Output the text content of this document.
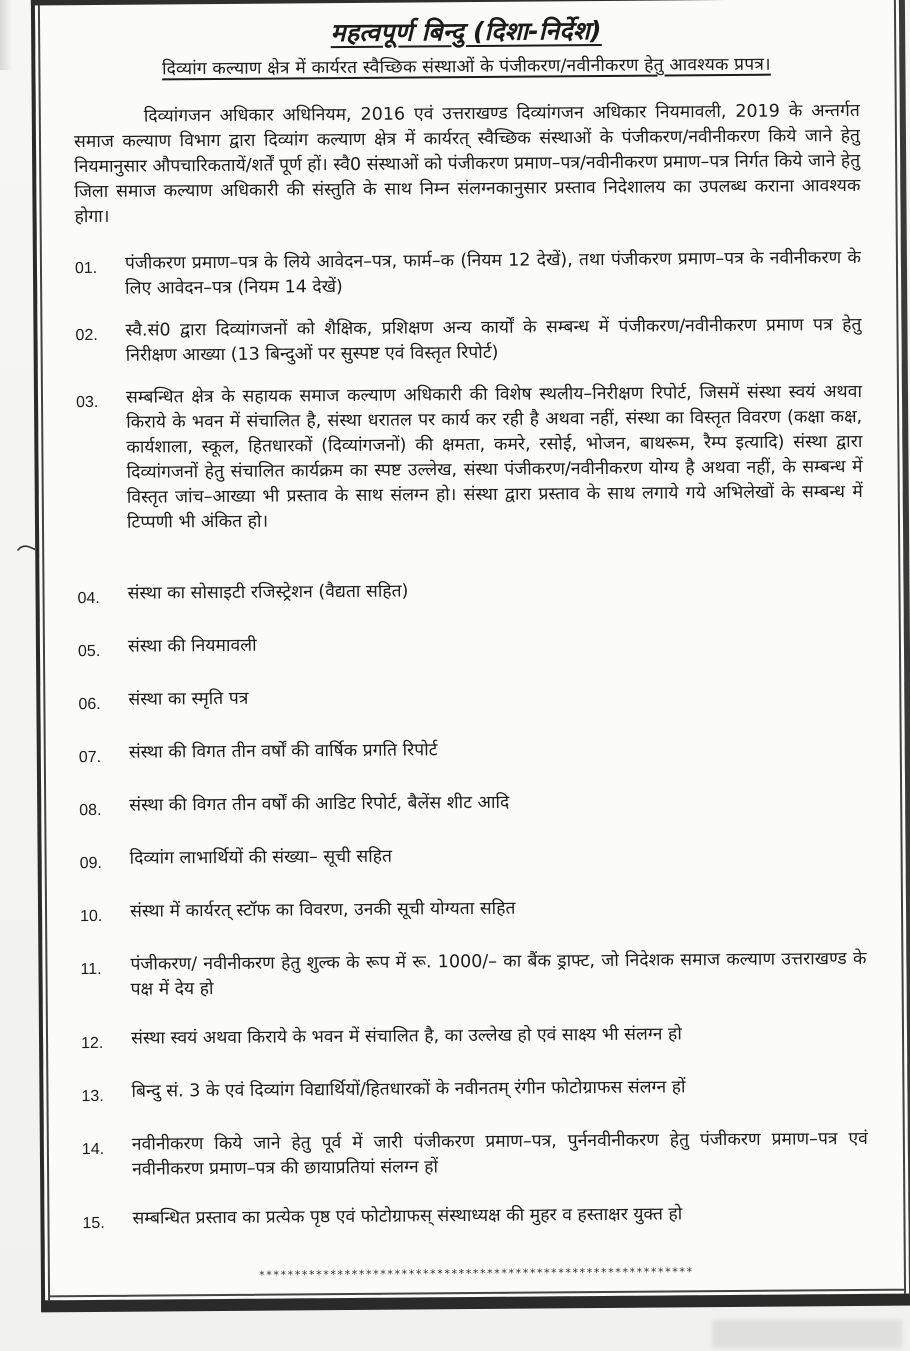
महत्वपूर्ण बिन्दु (दिशा-निर्देश)
दिव्यांग कल्याण क्षेत्र में कार्यरत स्वैच्छिक संस्थाओं के पंजीकरण/नवीनीकरण हेतु आवश्यक प्रपत्र।

दिव्यांगजन अधिकार अधिनियम, 2016 एवं उत्तराखण्ड दिव्यांगजन अधिकार नियमावली, 2019 के अन्तर्गत समाज कल्याण विभाग द्वारा दिव्यांग कल्याण क्षेत्र में कार्यरत् स्वैच्छिक संस्थाओं के पंजीकरण/नवीनीकरण किये जाने हेतु नियमानुसार औपचारिकतायें/शर्तें पूर्ण हों। स्वै0 संस्थाओं को पंजीकरण प्रमाण–पत्र/नवीनीकरण प्रमाण–पत्र निर्गत किये जाने हेतु जिला समाज कल्याण अधिकारी की संस्तुति के साथ निम्न संलग्नकानुसार प्रस्ताव निदेशालय का उपलब्ध कराना आवश्यक होगा।

01.	पंजीकरण प्रमाण–पत्र के लिये आवेदन–पत्र, फार्म–क (नियम 12 देखें), तथा पंजीकरण प्रमाण–पत्र के नवीनीकरण के लिए आवेदन–पत्र (नियम 14 देखें)
02.	स्वै.सं0 द्वारा दिव्यांगजनों को शैक्षिक, प्रशिक्षण अन्य कार्यों के सम्बन्ध में पंजीकरण/नवीनीकरण प्रमाण पत्र हेतु निरीक्षण आख्या (13 बिन्दुओं पर सुस्पष्ट एवं विस्तृत रिपोर्ट)
03.	सम्बन्धित क्षेत्र के सहायक समाज कल्याण अधिकारी की विशेष स्थलीय–निरीक्षण रिपोर्ट, जिसमें संस्था स्वयं अथवा किराये के भवन में संचालित है, संस्था धरातल पर कार्य कर रही है अथवा नहीं, संस्था का विस्तृत विवरण (कक्षा कक्ष, कार्यशाला, स्कूल, हितधारकों (दिव्यांगजनों) की क्षमता, कमरे, रसोई, भोजन, बाथरूम, रैम्प इत्यादि) संस्था द्वारा दिव्यांगजनों हेतु संचालित कार्यक्रम का स्पष्ट उल्लेख, संस्था पंजीकरण/नवीनीकरण योग्य है अथवा नहीं, के सम्बन्ध में विस्तृत जांच–आख्या भी प्रस्ताव के साथ संलग्न हो। संस्था द्वारा प्रस्ताव के साथ लगाये गये अभिलेखों के सम्बन्ध में टिप्पणी भी अंकित हो।
04.	संस्था का सोसाइटी रजिस्ट्रेशन (वैद्यता सहित)
05.	संस्था की नियमावली
06.	संस्था का स्मृति पत्र
07.	संस्था की विगत तीन वर्षों की वार्षिक प्रगति रिपोर्ट
08.	संस्था की विगत तीन वर्षों की आडिट रिपोर्ट, बैलेंस शीट आदि
09.	दिव्यांग लाभार्थियों की संख्या– सूची सहित
10.	संस्था में कार्यरत् स्टॉफ का विवरण, उनकी सूची योग्यता सहित
11.	पंजीकरण/ नवीनीकरण हेतु शुल्क के रूप में रू. 1000/– का बैंक ड्राफ्ट, जो निदेशक समाज कल्याण उत्तराखण्ड के पक्ष में देय हो
12.	संस्था स्वयं अथवा किराये के भवन में संचालित है, का उल्लेख हो एवं साक्ष्य भी संलग्न हो
13.	बिन्दु सं. 3 के एवं दिव्यांग विद्यार्थियों/हितधारकों के नवीनतम् रंगीन फोटोग्राफस संलग्न हों
14.	नवीनीकरण किये जाने हेतु पूर्व में जारी पंजीकरण प्रमाण–पत्र, पुर्ननवीनीकरण हेतु पंजीकरण प्रमाण–पत्र एवं नवीनीकरण प्रमाण–पत्र की छायाप्रतियां संलग्न हों
15.	सम्बन्धित प्रस्ताव का प्रत्येक पृष्ठ एवं फोटोग्राफस् संस्थाध्यक्ष की मुहर व हस्ताक्षर युक्त हो
*************************************************************
